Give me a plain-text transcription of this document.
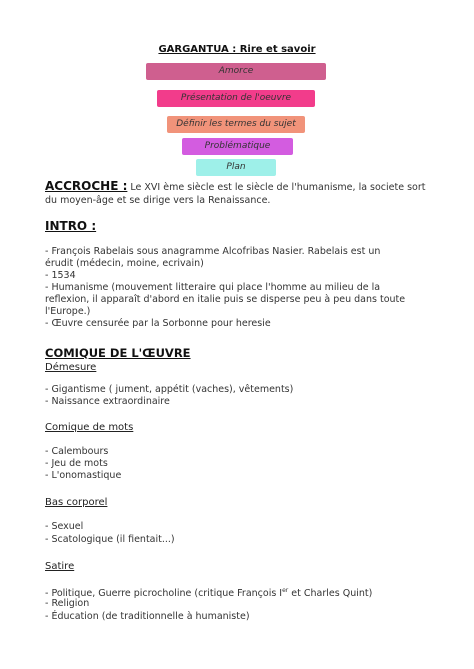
GARGANTUA : Rire et savoir
Amorce
Présentation de l'oeuvre
Définir les termes du sujet
Problématique
Plan
ACCROCHE : Le XVI ème siècle est le siècle de l'humanisme, la societe sort du moyen-âge et se dirige vers la Renaissance.
INTRO :
- François Rabelais sous anagramme Alcofribas Nasier. Rabelais est un
érudit (médecin, moine, ecrivain)
- 1534
- Humanisme (mouvement litteraire qui place l'homme au milieu de la
reflexion, il apparaît d'abord en italie puis se disperse peu à peu dans toute
l'Europe.)
- Œuvre censurée par la Sorbonne pour heresie
COMIQUE DE L'ŒUVRE
Démesure
- Gigantisme ( jument, appétit (vaches), vêtements)
- Naissance extraordinaire
Comique de mots
- Calembours
- Jeu de mots
- L'onomastique
Bas corporel
- Sexuel
- Scatologique (il fientait...)
Satire
- Politique, Guerre picrocholine (critique François Ier et Charles Quint)
- Religion
- Éducation (de traditionnelle à humaniste)
